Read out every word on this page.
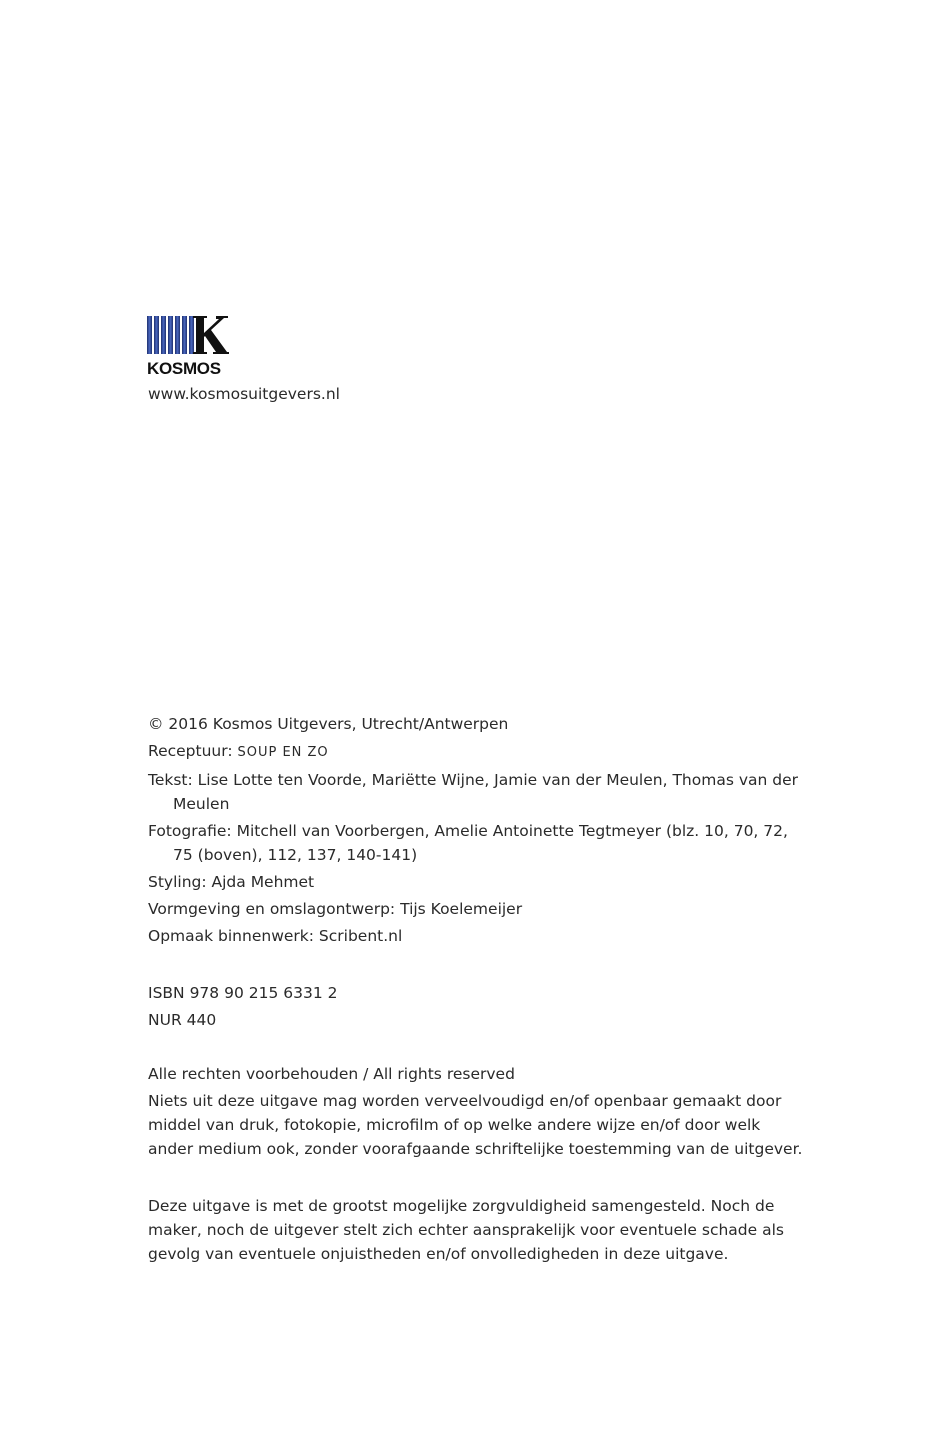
KOSMOS
www.kosmosuitgevers.nl

© 2016 Kosmos Uitgevers, Utrecht/Antwerpen

Receptuur: SOUP EN ZO

Tekst: Lise Lotte ten Voorde, Mariëtte Wijne, Jamie van der Meulen, Thomas van der Meulen

Fotografie: Mitchell van Voorbergen, Amelie Antoinette Tegtmeyer (blz. 10, 70, 72, 75 (boven), 112, 137, 140-141)

Styling: Ajda Mehmet

Vormgeving en omslagontwerp: Tijs Koelemeijer

Opmaak binnenwerk: Scribent.nl

ISBN 978 90 215 6331 2
NUR 440

Alle rechten voorbehouden / All rights reserved

Niets uit deze uitgave mag worden verveelvoudigd en/of openbaar gemaakt door middel van druk, fotokopie, microfilm of op welke andere wijze en/of door welk ander medium ook, zonder voorafgaande schriftelijke toestemming van de uitgever.

Deze uitgave is met de grootst mogelijke zorgvuldigheid samengesteld. Noch de maker, noch de uitgever stelt zich echter aansprakelijk voor eventuele schade als gevolg van eventuele onjuistheden en/of onvolledigheden in deze uitgave.
